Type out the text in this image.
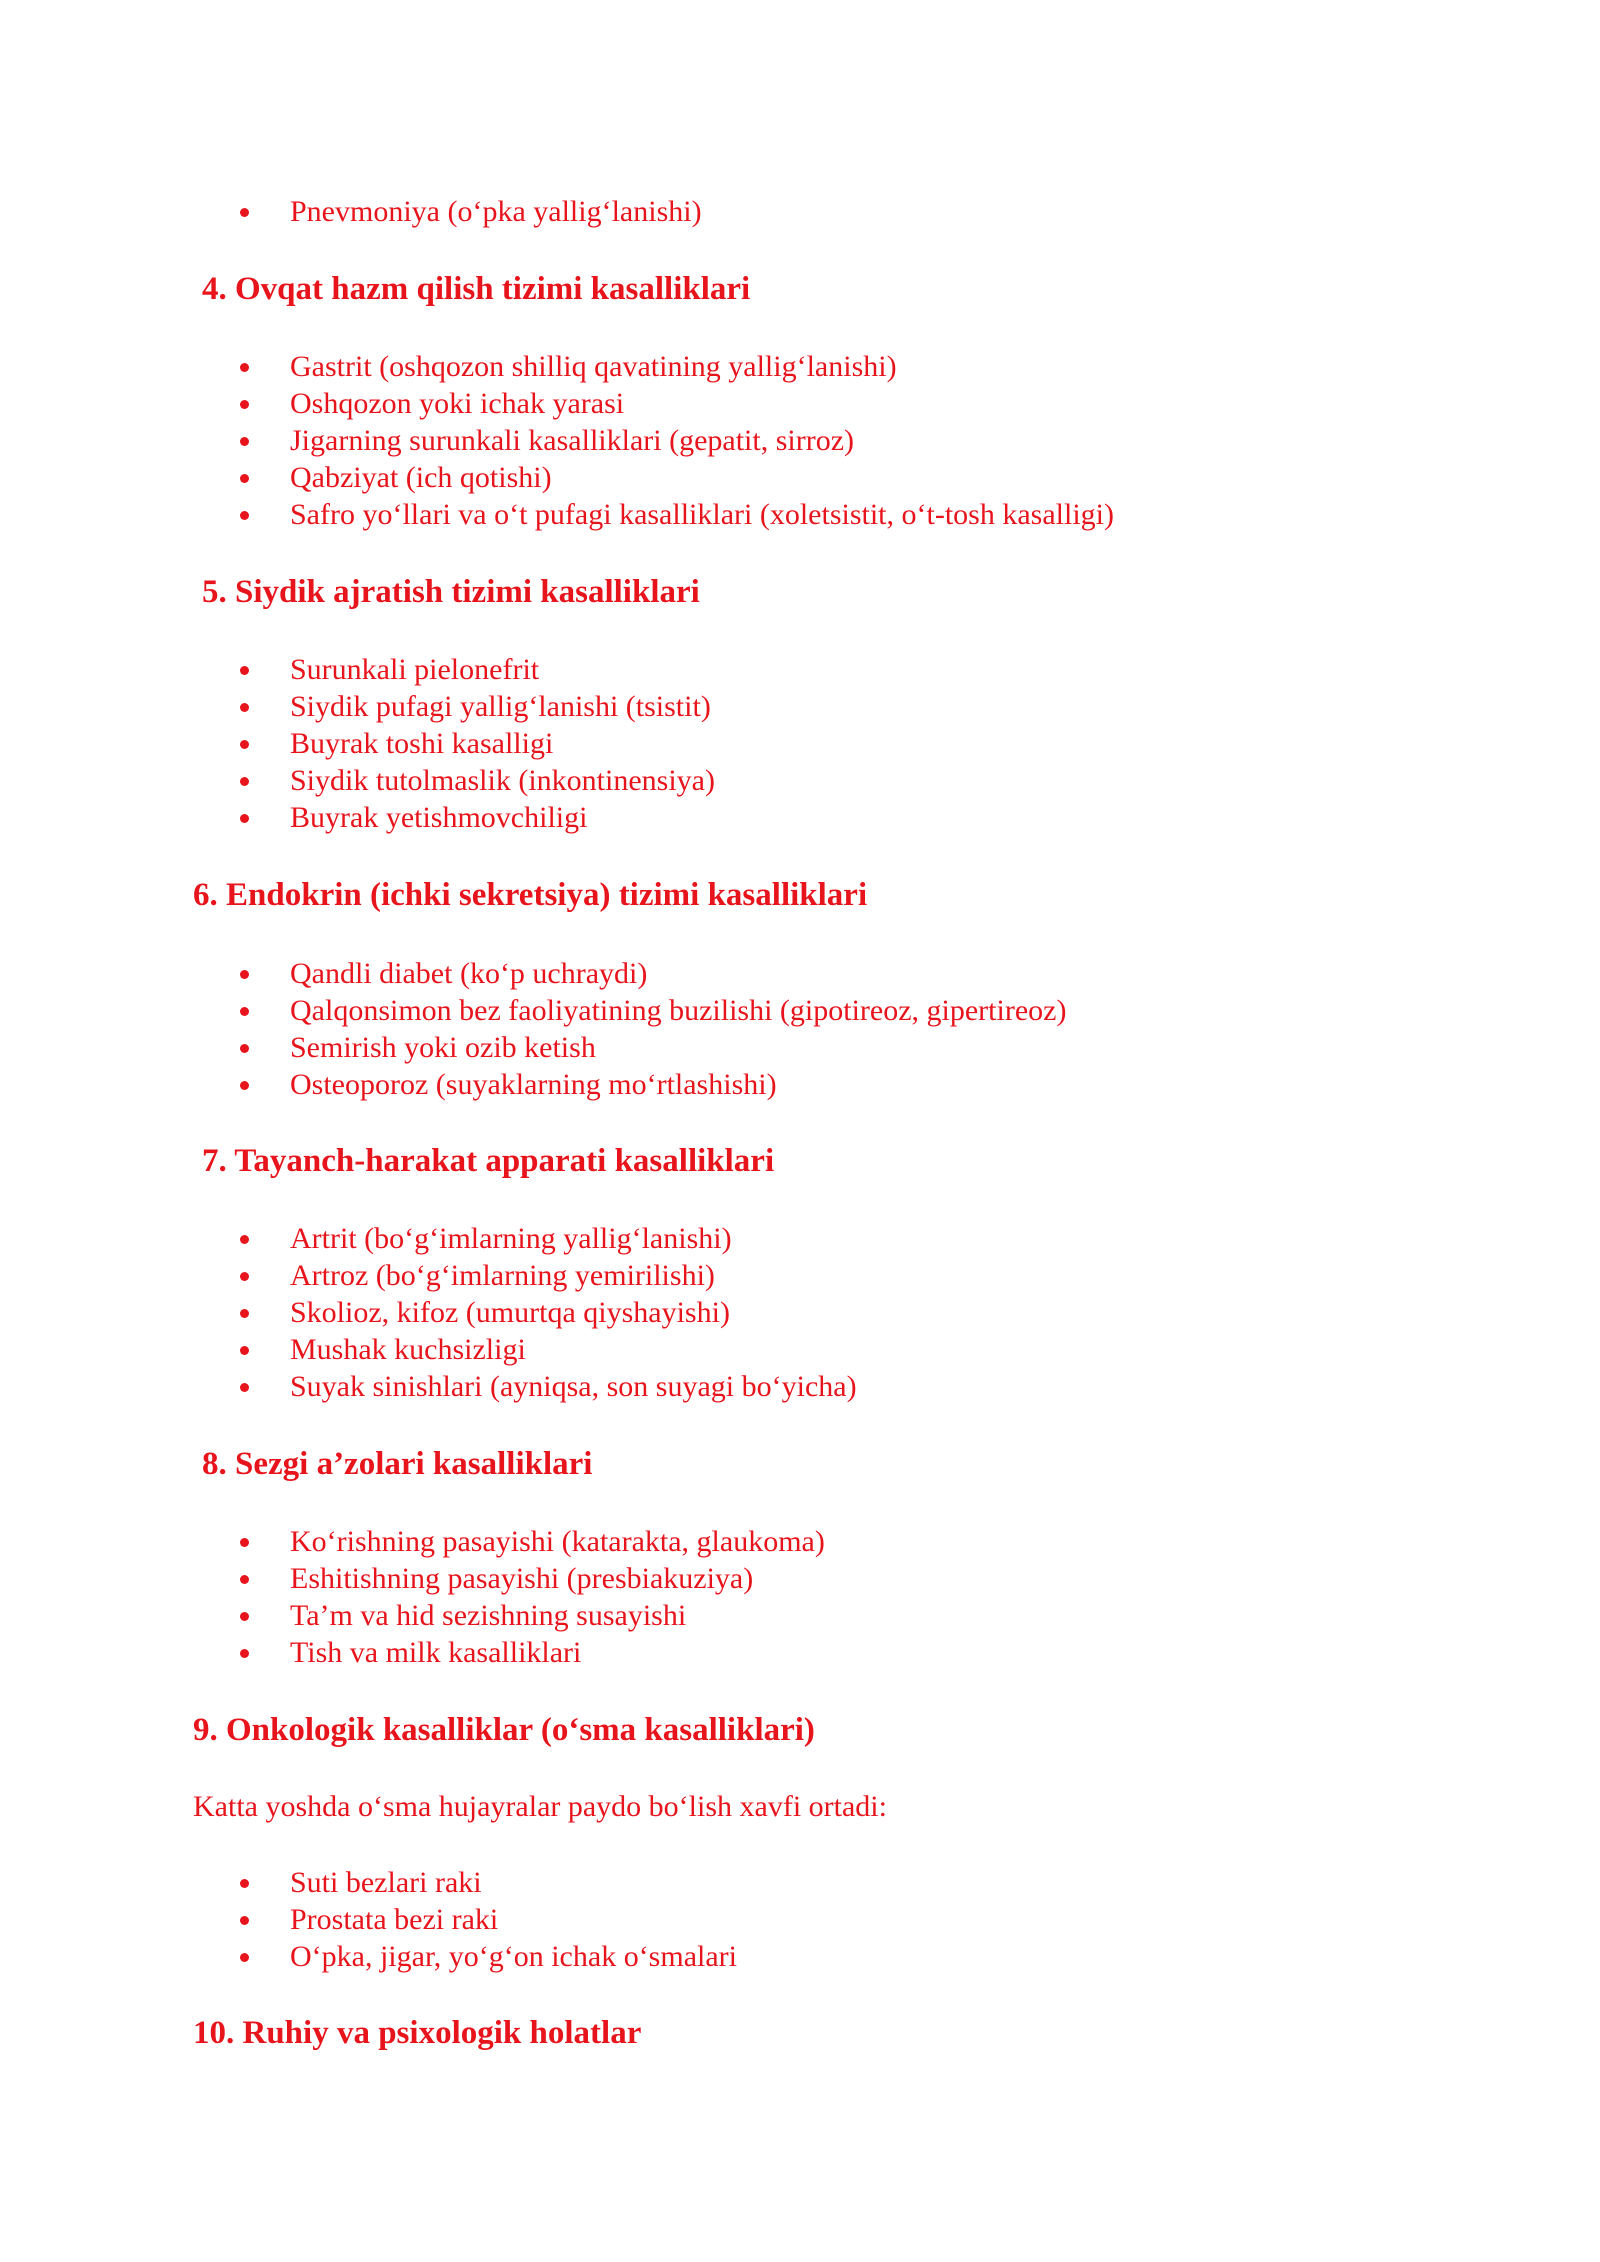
Pnevmoniya (o‘pka yallig‘lanishi)
4. Ovqat hazm qilish tizimi kasalliklari
Gastrit (oshqozon shilliq qavatining yallig‘lanishi)
Oshqozon yoki ichak yarasi
Jigarning surunkali kasalliklari (gepatit, sirroz)
Qabziyat (ich qotishi)
Safro yo‘llari va o‘t pufagi kasalliklari (xoletsistit, o‘t-tosh kasalligi)
5. Siydik ajratish tizimi kasalliklari
Surunkali pielonefrit
Siydik pufagi yallig‘lanishi (tsistit)
Buyrak toshi kasalligi
Siydik tutolmaslik (inkontinensiya)
Buyrak yetishmovchiligi
6. Endokrin (ichki sekretsiya) tizimi kasalliklari
Qandli diabet (ko‘p uchraydi)
Qalqonsimon bez faoliyatining buzilishi (gipotireoz, gipertireoz)
Semirish yoki ozib ketish
Osteoporoz (suyaklarning mo‘rtlashishi)
7. Tayanch-harakat apparati kasalliklari
Artrit (bo‘g‘imlarning yallig‘lanishi)
Artroz (bo‘g‘imlarning yemirilishi)
Skolioz, kifoz (umurtqa qiyshayishi)
Mushak kuchsizligi
Suyak sinishlari (ayniqsa, son suyagi bo‘yicha)
8. Sezgi a’zolari kasalliklari
Ko‘rishning pasayishi (katarakta, glaukoma)
Eshitishning pasayishi (presbiakuziya)
Ta’m va hid sezishning susayishi
Tish va milk kasalliklari
9. Onkologik kasalliklar (o‘sma kasalliklari)

Katta yoshda o‘sma hujayralar paydo bo‘lish xavfi ortadi:

Suti bezlari raki
Prostata bezi raki
O‘pka, jigar, yo‘g‘on ichak o‘smalari
10. Ruhiy va psixologik holatlar
